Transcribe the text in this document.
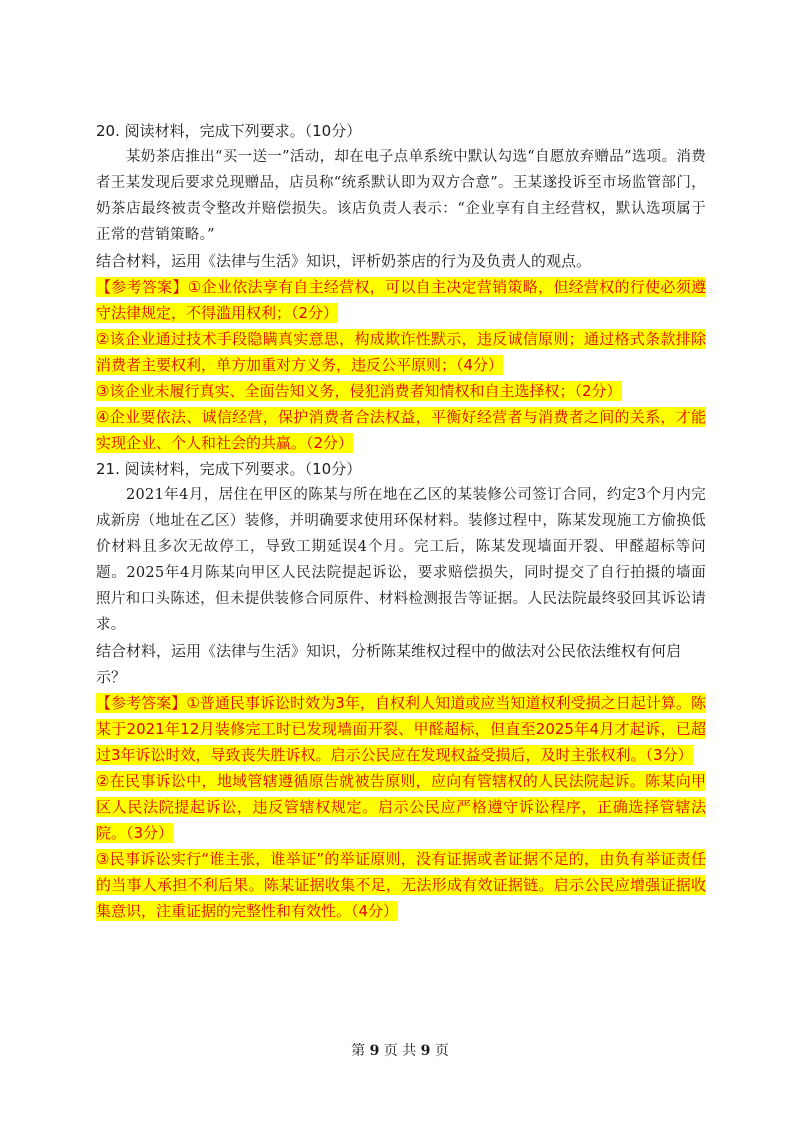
20. 阅读材料，完成下列要求。（10分）
某奶茶店推出“买一送一”活动，却在电子点单系统中默认勾选“自愿放弃赠品”选项。消费者王某发现后要求兑现赠品，店员称“统系默认即为双方合意”。王某遂投诉至市场监管部门，奶茶店最终被责令整改并赔偿损失。该店负责人表示：“企业享有自主经营权，默认选项属于正常的营销策略。”
结合材料，运用《法律与生活》知识，评析奶茶店的行为及负责人的观点。
【参考答案】①企业依法享有自主经营权，可以自主决定营销策略，但经营权的行使必须遵守法律规定，不得滥用权利；（2分）
②该企业通过技术手段隐瞒真实意思，构成欺诈性默示，违反诚信原则；通过格式条款排除消费者主要权利，单方加重对方义务，违反公平原则；（4分）
③该企业未履行真实、全面告知义务，侵犯消费者知情权和自主选择权；（2分）
④企业要依法、诚信经营，保护消费者合法权益，平衡好经营者与消费者之间的关系，才能实现企业、个人和社会的共赢。（2分）
21. 阅读材料，完成下列要求。（10分）
2021年4月，居住在甲区的陈某与所在地在乙区的某装修公司签订合同，约定3个月内完成新房（地址在乙区）装修，并明确要求使用环保材料。装修过程中，陈某发现施工方偷换低价材料且多次无故停工，导致工期延误4个月。完工后，陈某发现墙面开裂、甲醛超标等问题。2025年4月陈某向甲区人民法院提起诉讼，要求赔偿损失，同时提交了自行拍摄的墙面照片和口头陈述，但未提供装修合同原件、材料检测报告等证据。人民法院最终驳回其诉讼请求。
结合材料，运用《法律与生活》知识，分析陈某维权过程中的做法对公民依法维权有何启示？
【参考答案】①普通民事诉讼时效为3年，自权利人知道或应当知道权利受损之日起计算。陈某于2021年12月装修完工时已发现墙面开裂、甲醛超标，但直至2025年4月才起诉，已超过3年诉讼时效，导致丧失胜诉权。启示公民应在发现权益受损后，及时主张权利。（3分）
②在民事诉讼中，地域管辖遵循原告就被告原则，应向有管辖权的人民法院起诉。陈某向甲区人民法院提起诉讼，违反管辖权规定。启示公民应严格遵守诉讼程序，正确选择管辖法院。（3分）
③民事诉讼实行“谁主张，谁举证”的举证原则，没有证据或者证据不足的，由负有举证责任的当事人承担不利后果。陈某证据收集不足，无法形成有效证据链。启示公民应增强证据收集意识，注重证据的完整性和有效性。（4分）
第 9 页 共 9 页
